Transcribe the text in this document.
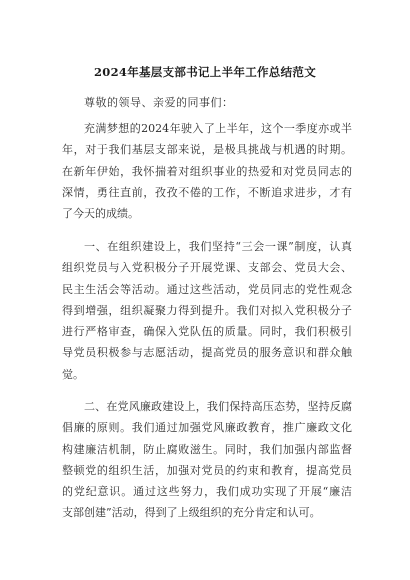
2024年基层支部书记上半年工作总结范文
尊敬的领导、亲爱的同事们：
充满梦想的2024年驶入了上半年，这个一季度亦或半
年，对于我们基层支部来说，是极具挑战与机遇的时期。
在新年伊始，我怀揣着对组织事业的热爱和对党员同志的
深情，勇往直前，孜孜不倦的工作，不断追求进步，才有
了今天的成绩。
一、在组织建设上，我们坚持“三会一课”制度，认真
组织党员与入党积极分子开展党课、支部会、党员大会、
民主生活会等活动。通过这些活动，党员同志的党性观念
得到增强，组织凝聚力得到提升。我们对拟入党积极分子
进行严格审查，确保入党队伍的质量。同时，我们积极引
导党员积极参与志愿活动，提高党员的服务意识和群众触
觉。
二、在党风廉政建设上，我们保持高压态势，坚持反腐
倡廉的原则。我们通过加强党风廉政教育，推广廉政文化
构建廉洁机制，防止腐败滋生。同时，我们加强内部监督
整顿党的组织生活，加强对党员的约束和教育，提高党员
的党纪意识。通过这些努力，我们成功实现了开展“廉洁
支部创建”活动，得到了上级组织的充分肯定和认可。
